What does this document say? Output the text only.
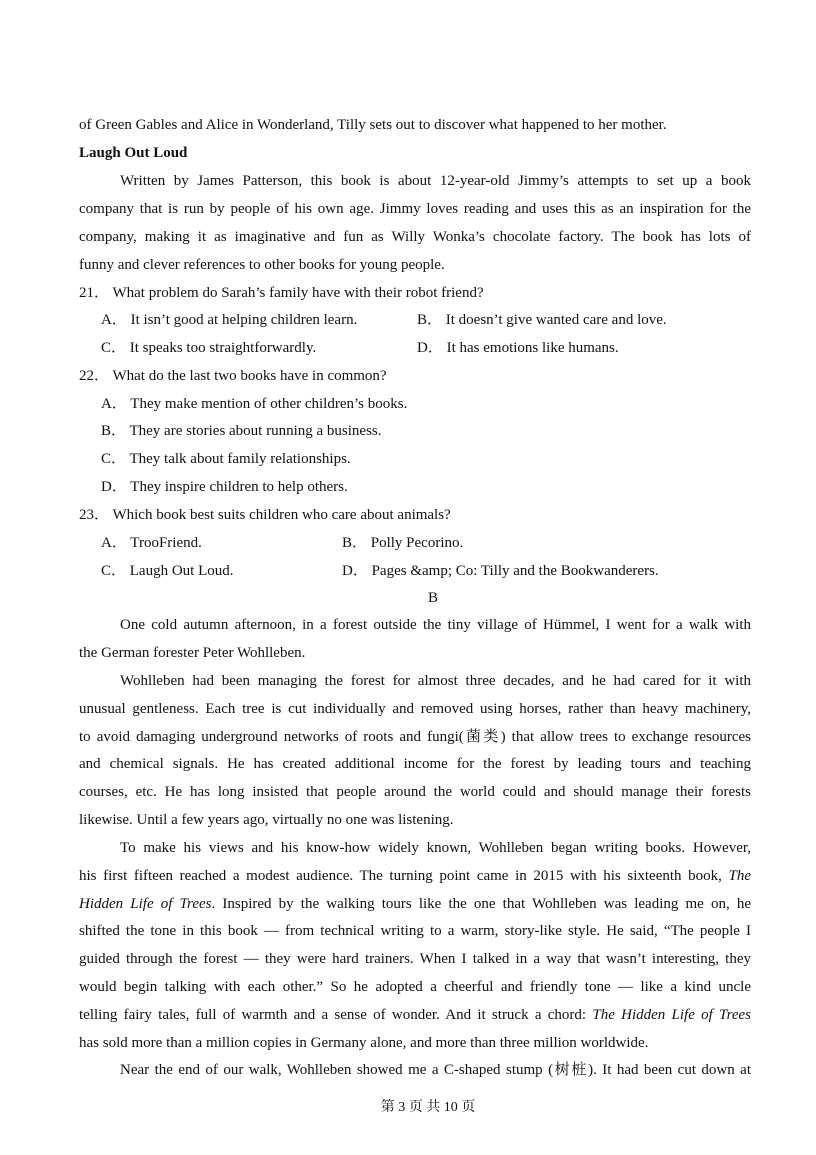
of Green Gables and Alice in Wonderland, Tilly sets out to discover what happened to her mother.
Laugh Out Loud
Written by James Patterson, this book is about 12-year-old Jimmy’s attempts to set up a book
company that is run by people of his own age. Jimmy loves reading and uses this as an inspiration for the
company, making it as imaginative and fun as Willy Wonka’s chocolate factory. The book has lots of
funny and clever references to other books for young people.
21． What problem do Sarah’s family have with their robot friend?
A． It isn’t good at helping children learn.	B． It doesn’t give wanted care and love.
C． It speaks too straightforwardly.	D． It has emotions like humans.
22． What do the last two books have in common?
A． They make mention of other children’s books.
B． They are stories about running a business.
C． They talk about family relationships.
D． They inspire children to help others.
23． Which book best suits children who care about animals?
A． TrooFriend.	B． Polly Pecorino.
C． Laugh Out Loud.	D． Pages &amp; Co: Tilly and the Bookwanderers.
B
One cold autumn afternoon, in a forest outside the tiny village of Hümmel, I went for a walk with
the German forester Peter Wohlleben.
Wohlleben had been managing the forest for almost three decades, and he had cared for it with
unusual gentleness. Each tree is cut individually and removed using horses, rather than heavy machinery,
to avoid damaging underground networks of roots and fungi(菌类) that allow trees to exchange resources
and chemical signals. He has created additional income for the forest by leading tours and teaching
courses, etc. He has long insisted that people around the world could and should manage their forests
likewise. Until a few years ago, virtually no one was listening.
To make his views and his know-how widely known, Wohlleben began writing books. However,
his first fifteen reached a modest audience. The turning point came in 2015 with his sixteenth book, The
Hidden Life of Trees. Inspired by the walking tours like the one that Wohlleben was leading me on, he
shifted the tone in this book — from technical writing to a warm, story-like style. He said, “The people I
guided through the forest — they were hard trainers. When I talked in a way that wasn’t interesting, they
would begin talking with each other.” So he adopted a cheerful and friendly tone — like a kind uncle
telling fairy tales, full of warmth and a sense of wonder. And it struck a chord: The Hidden Life of Trees
has sold more than a million copies in Germany alone, and more than three million worldwide.
Near the end of our walk, Wohlleben showed me a C-shaped stump (树桩). It had been cut down at
第 3 页 共 10 页
